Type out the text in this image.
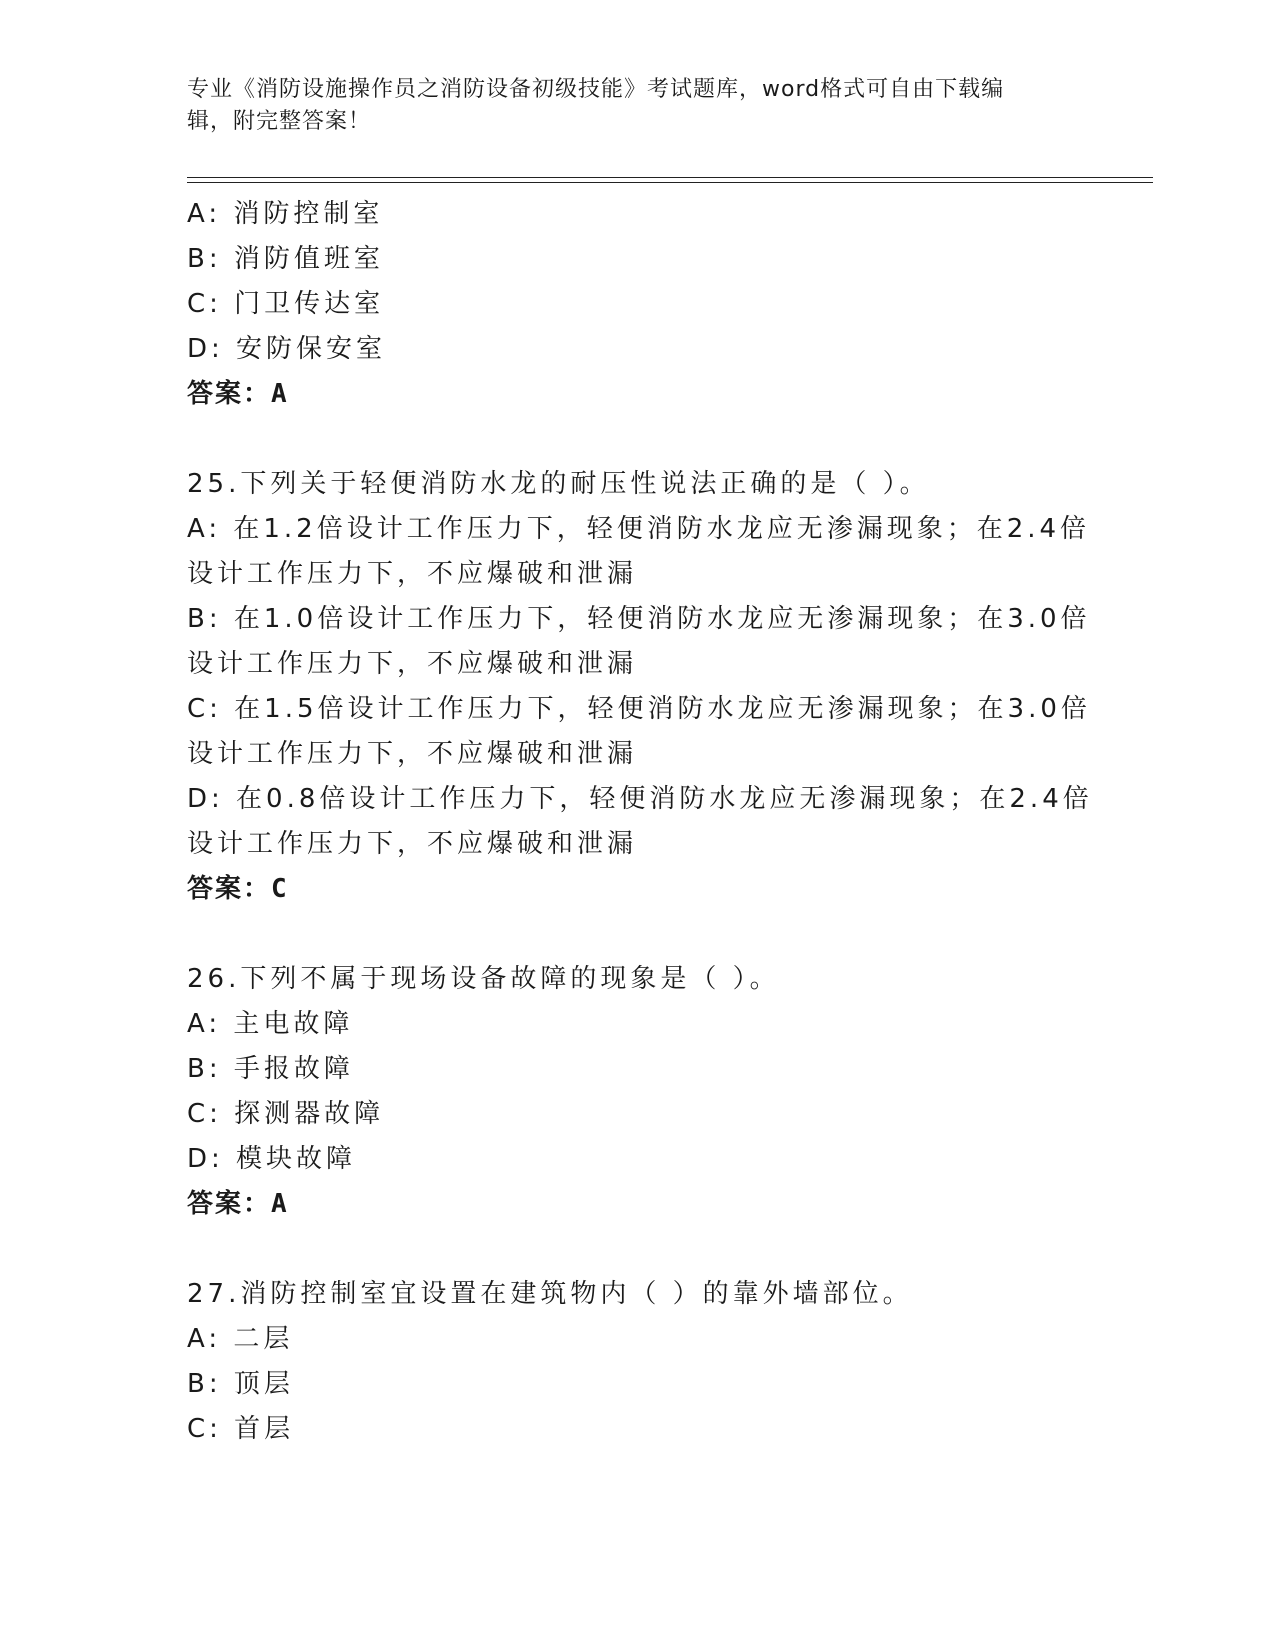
专业《消防设施操作员之消防设备初级技能》考试题库，word格式可自由下载编
辑，附完整答案！
A: 消防控制室
B: 消防值班室
C: 门卫传达室
D: 安防保安室
答案：A
25.下列关于轻便消防水龙的耐压性说法正确的是（ ）。
A: 在1.2倍设计工作压力下，轻便消防水龙应无渗漏现象；在2.4倍
设计工作压力下，不应爆破和泄漏
B: 在1.0倍设计工作压力下，轻便消防水龙应无渗漏现象；在3.0倍
设计工作压力下，不应爆破和泄漏
C: 在1.5倍设计工作压力下，轻便消防水龙应无渗漏现象；在3.0倍
设计工作压力下，不应爆破和泄漏
D: 在0.8倍设计工作压力下，轻便消防水龙应无渗漏现象；在2.4倍
设计工作压力下，不应爆破和泄漏
答案：C
26.下列不属于现场设备故障的现象是（ ）。
A: 主电故障
B: 手报故障
C: 探测器故障
D: 模块故障
答案：A
27.消防控制室宜设置在建筑物内（ ）的靠外墙部位。
A: 二层
B: 顶层
C: 首层
